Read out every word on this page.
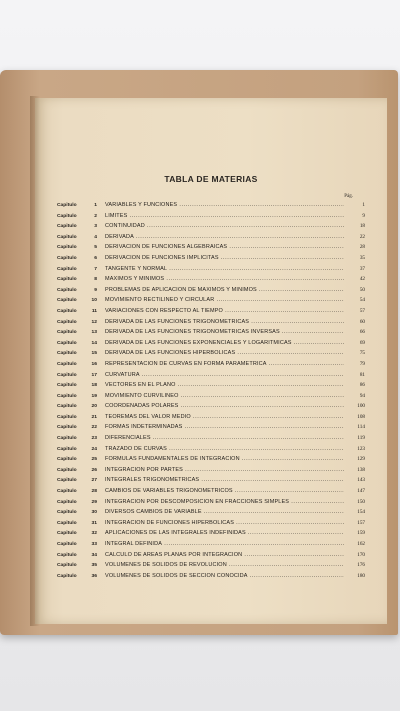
TABLA DE MATERIAS
Pág.
Capitulo	1 VARIABLES Y FUNCIONES .....	1
Capitulo	2 LIMITES .....	9
Capitulo	3 CONTINUIDAD .....	18
Capitulo	4 DERIVADA .....	22
Capitulo	5 DERIVACION DE FUNCIONES ALGEBRAICAS .....	28
Capitulo	6 DERIVACION DE FUNCIONES IMPLICITAS .....	35
Capitulo	7 TANGENTE Y NORMAL .....	37
Capitulo	8 MAXIMOS Y MINIMOS .....	42
Capitulo	9 PROBLEMAS DE APLICACION DE MAXIMOS Y MINIMOS .....	50
Capitulo	10 MOVIMIENTO RECTILINEO Y CIRCULAR .....	54
Capitulo	11 VARIACIONES CON RESPECTO AL TIEMPO .....	57
Capitulo	12 DERIVADA DE LAS FUNCIONES TRIGONOMETRICAS .....	60
Capitulo	13 DERIVADA DE LAS FUNCIONES TRIGONOMETRICAS INVERSAS .....	66
Capitulo	14 DERIVADA DE LAS FUNCIONES EXPONENCIALES Y LOGARITMICAS .....	69
Capitulo	15 DERIVADA DE LAS FUNCIONES HIPERBOLICAS .....	75
Capitulo	16 REPRESENTACION DE CURVAS EN FORMA PARAMETRICA .....	79
Capitulo	17 CURVATURA .....	81
Capitulo	18 VECTORES EN EL PLANO .....	86
Capitulo	19 MOVIMIENTO CURVILINEO .....	94
Capitulo	20 COORDENADAS POLARES .....	100
Capitulo	21 TEOREMAS DEL VALOR MEDIO .....	108
Capitulo	22 FORMAS INDETERMINADAS .....	114
Capitulo	23 DIFERENCIALES .....	119
Capitulo	24 TRAZADO DE CURVAS .....	123
Capitulo	25 FORMULAS FUNDAMENTALES DE INTEGRACION .....	129
Capitulo	26 INTEGRACION POR PARTES .....	138
Capitulo	27 INTEGRALES TRIGONOMETRICAS .....	143
Capitulo	28 CAMBIOS DE VARIABLES TRIGONOMETRICOS .....	147
Capitulo	29 INTEGRACION POR DESCOMPOSICION EN FRACCIONES SIMPLES .....	150
Capitulo	30 DIVERSOS CAMBIOS DE VARIABLE .....	154
Capitulo	31 INTEGRACION DE FUNCIONES HIPERBOLICAS .....	157
Capitulo	32 APLICACIONES DE LAS INTEGRALES INDEFINIDAS .....	159
Capitulo	33 INTEGRAL DEFINIDA .....	162
Capitulo	34 CALCULO DE AREAS PLANAS POR INTEGRACION .....	170
Capitulo	35 VOLUMENES DE SOLIDOS DE REVOLUCION .....	176
Capitulo	36 VOLUMENES DE SOLIDOS DE SECCION CONOCIDA .....	180
